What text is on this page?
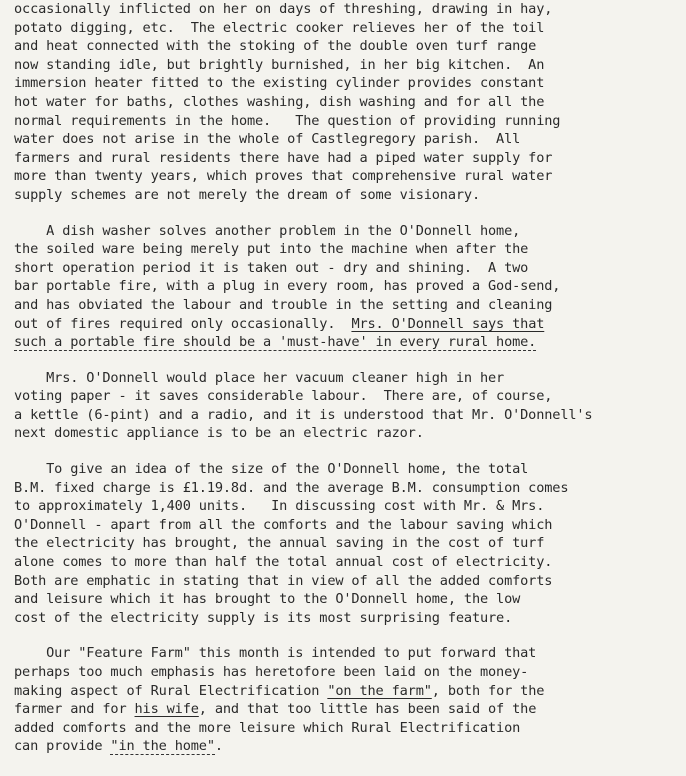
occasionally inflicted on her on days of threshing, drawing in hay,
potato digging, etc.  The electric cooker relieves her of the toil
and heat connected with the stoking of the double oven turf range
now standing idle, but brightly burnished, in her big kitchen.  An
immersion heater fitted to the existing cylinder provides constant
hot water for baths, clothes washing, dish washing and for all the
normal requirements in the home.   The question of providing running
water does not arise in the whole of Castlegregory parish.  All
farmers and rural residents there have had a piped water supply for
more than twenty years, which proves that comprehensive rural water
supply schemes are not merely the dream of some visionary.
A dish washer solves another problem in the O'Donnell home,
the soiled ware being merely put into the machine when after the
short operation period it is taken out - dry and shining.  A two
bar portable fire, with a plug in every room, has proved a God-send,
and has obviated the labour and trouble in the setting and cleaning
out of fires required only occasionally.  Mrs. O'Donnell says that
such a portable fire should be a 'must-have' in every rural home.
Mrs. O'Donnell would place her vacuum cleaner high in her
voting paper - it saves considerable labour.  There are, of course,
a kettle (6-pint) and a radio, and it is understood that Mr. O'Donnell's
next domestic appliance is to be an electric razor.
To give an idea of the size of the O'Donnell home, the total
B.M. fixed charge is £1.19.8d. and the average B.M. consumption comes
to approximately 1,400 units.   In discussing cost with Mr. & Mrs.
O'Donnell - apart from all the comforts and the labour saving which
the electricity has brought, the annual saving in the cost of turf
alone comes to more than half the total annual cost of electricity.
Both are emphatic in stating that in view of all the added comforts
and leisure which it has brought to the O'Donnell home, the low
cost of the electricity supply is its most surprising feature.
Our "Feature Farm" this month is intended to put forward that
perhaps too much emphasis has heretofore been laid on the money-
making aspect of Rural Electrification "on the farm", both for the
farmer and for his wife, and that too little has been said of the
added comforts and the more leisure which Rural Electrification
can provide "in the home".
